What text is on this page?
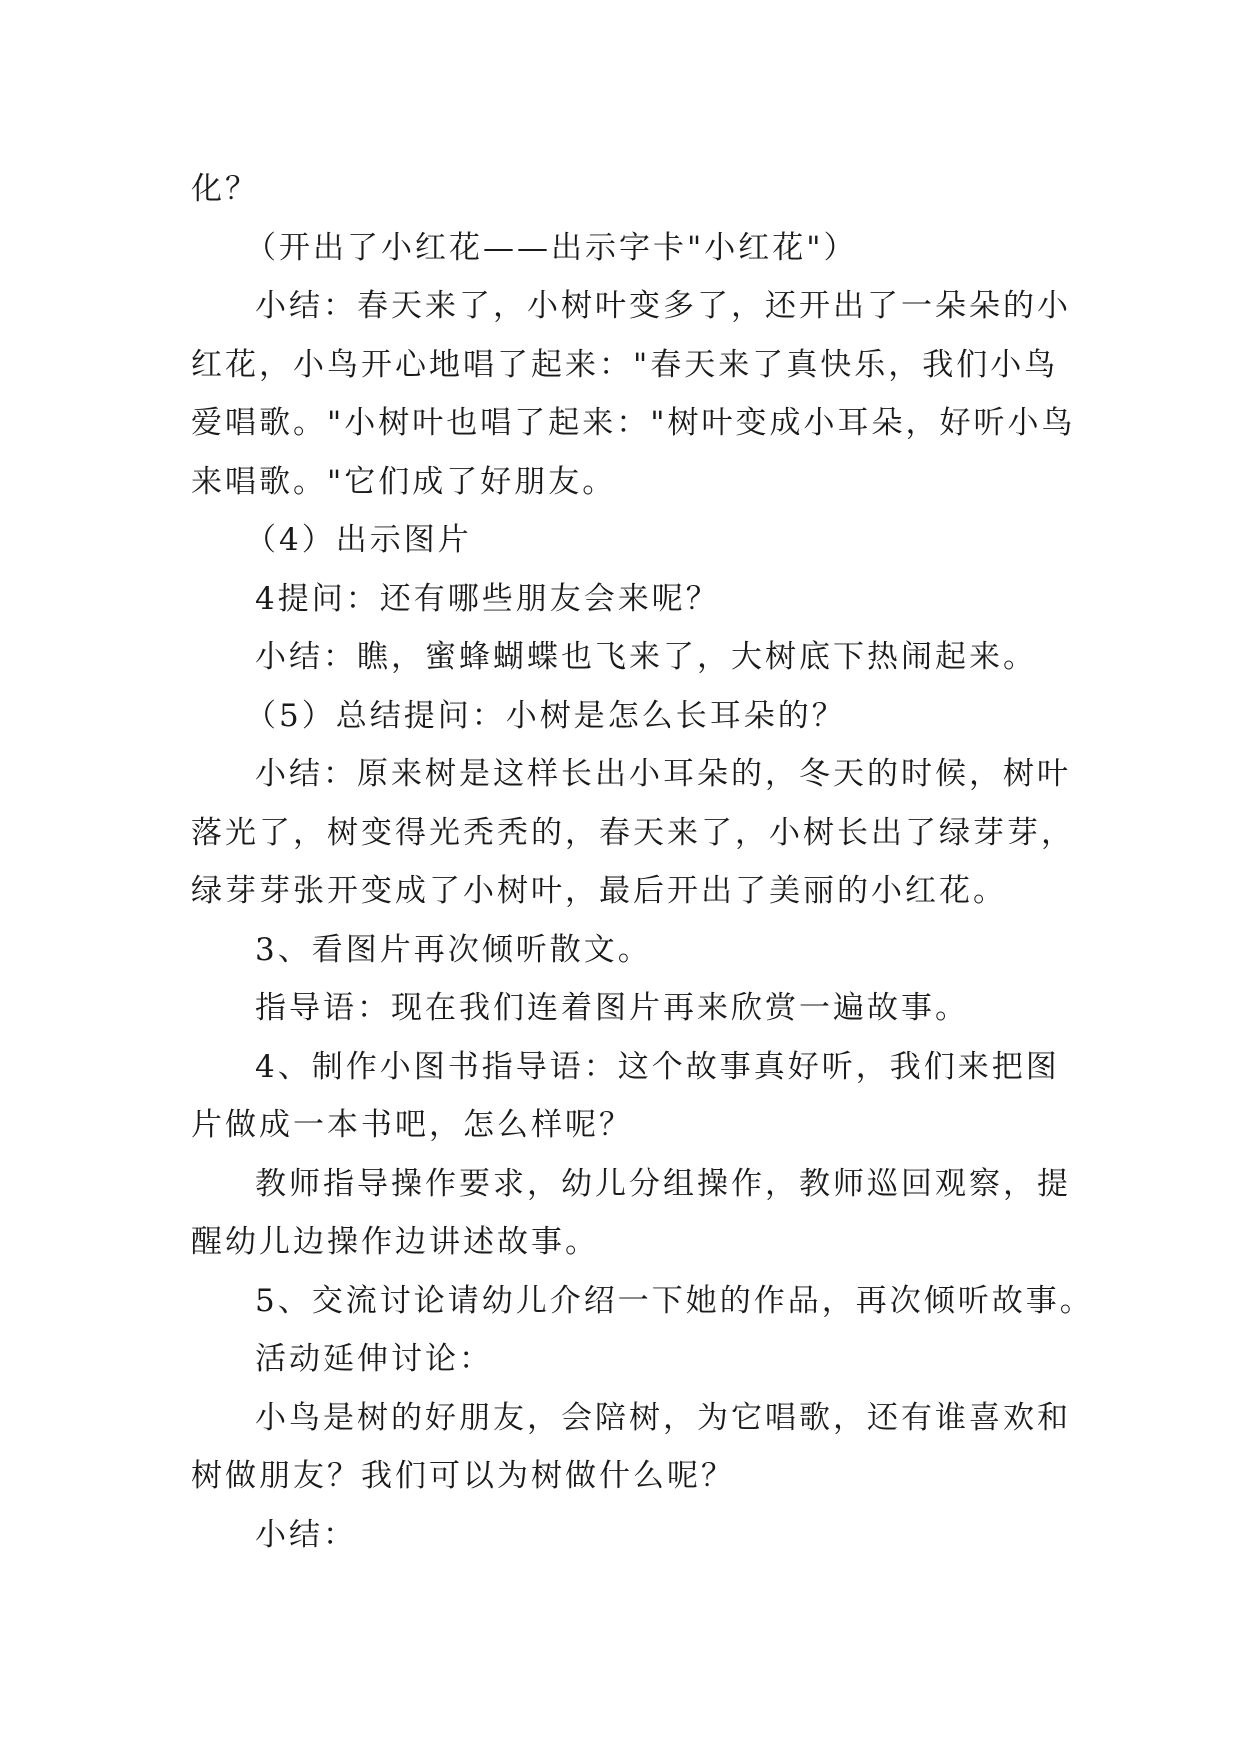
化？
（开出了小红花——出示字卡"小红花"）
小结：春天来了，小树叶变多了，还开出了一朵朵的小
红花，小鸟开心地唱了起来："春天来了真快乐，我们小鸟
爱唱歌。"小树叶也唱了起来："树叶变成小耳朵，好听小鸟
来唱歌。"它们成了好朋友。
（4）出示图片
4提问：还有哪些朋友会来呢？
小结：瞧，蜜蜂蝴蝶也飞来了，大树底下热闹起来。
（5）总结提问：小树是怎么长耳朵的？
小结：原来树是这样长出小耳朵的，冬天的时候，树叶
落光了，树变得光秃秃的，春天来了，小树长出了绿芽芽，
绿芽芽张开变成了小树叶，最后开出了美丽的小红花。
3、看图片再次倾听散文。
指导语：现在我们连着图片再来欣赏一遍故事。
4、制作小图书指导语：这个故事真好听，我们来把图
片做成一本书吧，怎么样呢？
教师指导操作要求，幼儿分组操作，教师巡回观察，提
醒幼儿边操作边讲述故事。
5、交流讨论请幼儿介绍一下她的作品，再次倾听故事。
活动延伸讨论：
小鸟是树的好朋友，会陪树，为它唱歌，还有谁喜欢和
树做朋友？我们可以为树做什么呢？
小结：
